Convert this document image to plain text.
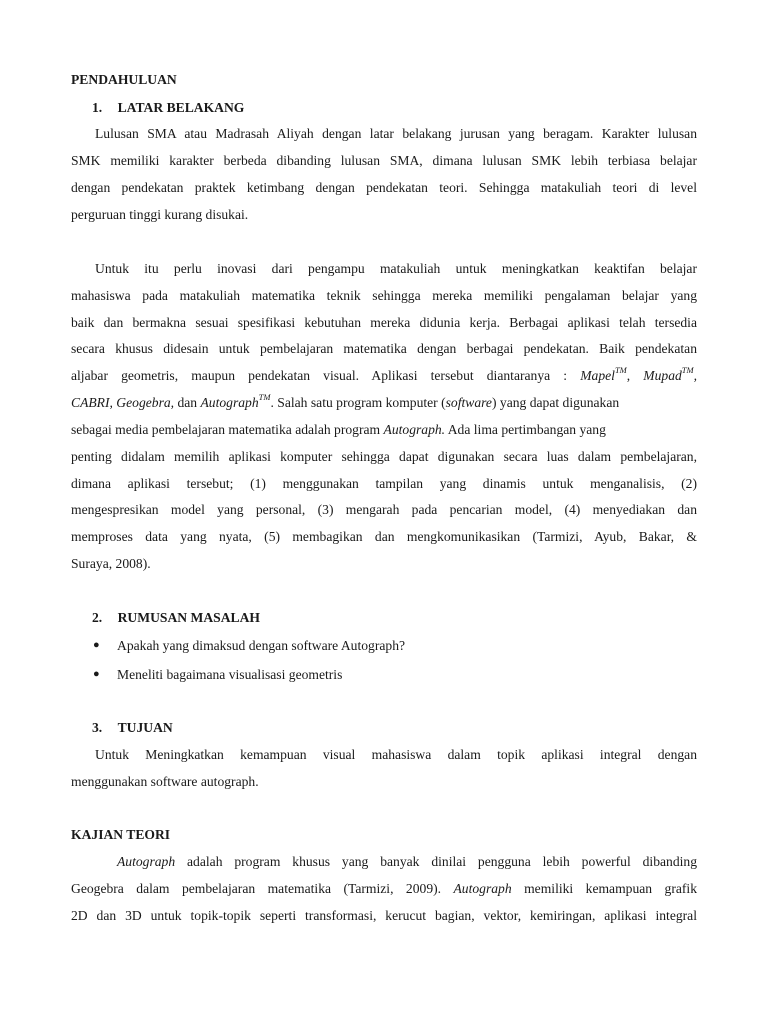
PENDAHULUAN
1. LATAR BELAKANG
Lulusan SMA atau Madrasah Aliyah dengan latar belakang jurusan yang beragam. Karakter lulusan
SMK memiliki karakter berbeda dibanding lulusan SMA, dimana lulusan SMK lebih terbiasa belajar
dengan pendekatan praktek ketimbang dengan pendekatan teori. Sehingga matakuliah teori di level
perguruan tinggi kurang disukai.
Untuk itu perlu inovasi dari pengampu matakuliah untuk meningkatkan keaktifan belajar
mahasiswa pada matakuliah matematika teknik sehingga mereka memiliki pengalaman belajar yang
baik dan bermakna sesuai spesifikasi kebutuhan mereka didunia kerja. Berbagai aplikasi telah tersedia
secara khusus didesain untuk pembelajaran matematika dengan berbagai pendekatan. Baik pendekatan
aljabar geometris, maupun pendekatan visual. Aplikasi tersebut diantaranya : Mapel™, Mupad™,
CABRI, Geogebra, dan Autograph™. Salah satu program komputer (software) yang dapat digunakan
sebagai media pembelajaran matematika adalah program Autograph. Ada lima pertimbangan yang
penting didalam memilih aplikasi komputer sehingga dapat digunakan secara luas dalam pembelajaran,
dimana aplikasi tersebut; (1) menggunakan tampilan yang dinamis untuk menganalisis, (2)
mengespresikan model yang personal, (3) mengarah pada pencarian model, (4) menyediakan dan
memproses data yang nyata, (5) membagikan dan mengkomunikasikan (Tarmizi, Ayub, Bakar, &
Suraya, 2008).
2. RUMUSAN MASALAH
● Apakah yang dimaksud dengan software Autograph?
● Meneliti bagaimana visualisasi geometris
3. TUJUAN
Untuk Meningkatkan kemampuan visual mahasiswa dalam topik aplikasi integral dengan
menggunakan software autograph.
KAJIAN TEORI
Autograph adalah program khusus yang banyak dinilai pengguna lebih powerful dibanding
Geogebra dalam pembelajaran matematika (Tarmizi, 2009). Autograph memiliki kemampuan grafik
2D dan 3D untuk topik-topik seperti transformasi, kerucut bagian, vektor, kemiringan, aplikasi integral
